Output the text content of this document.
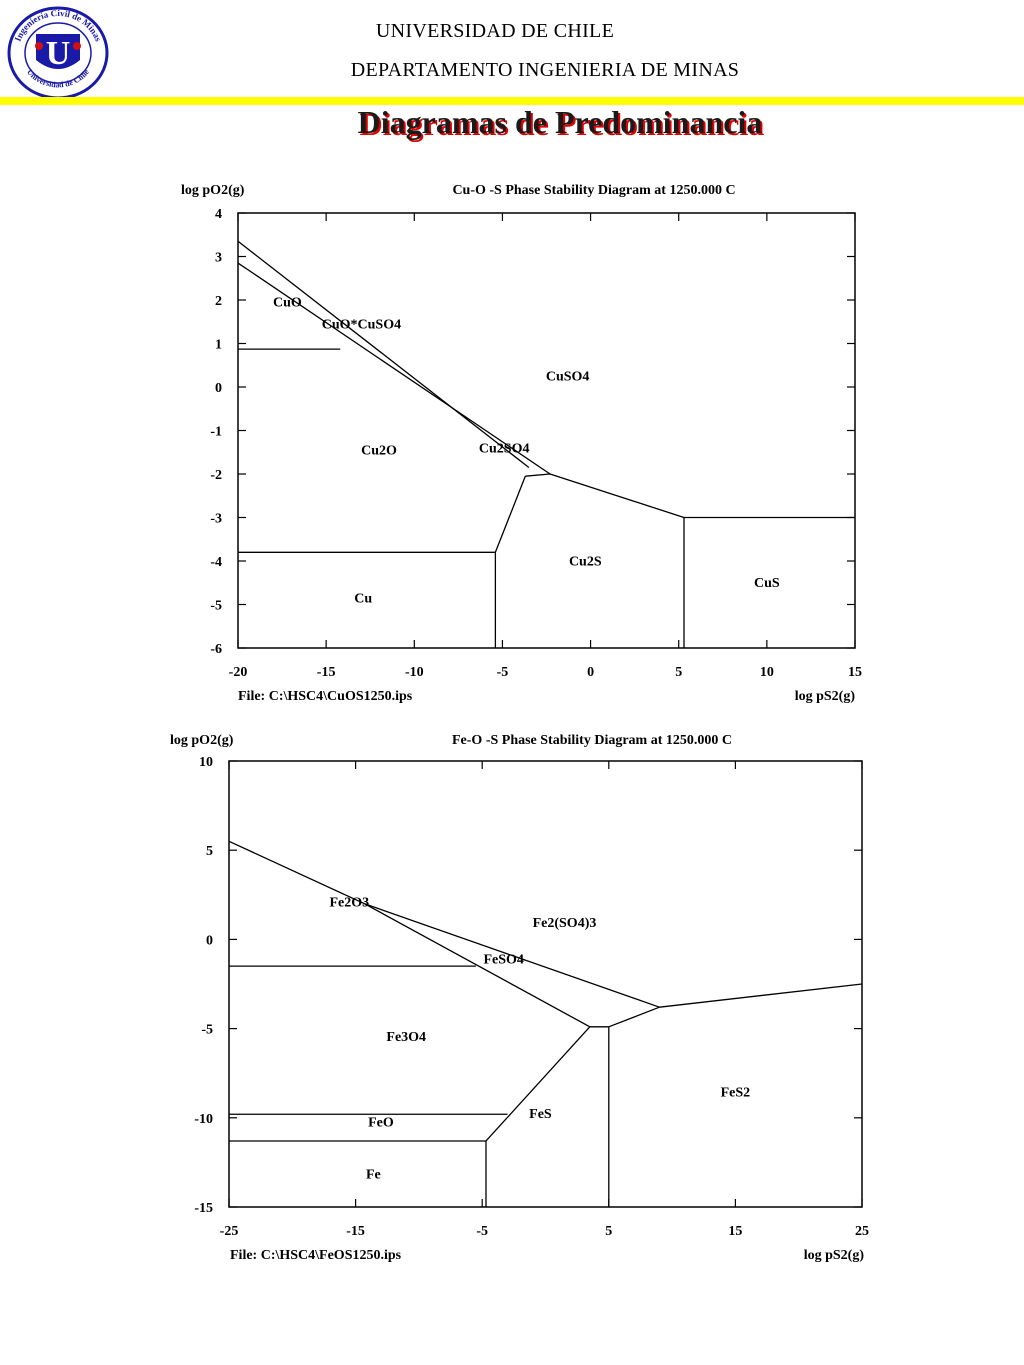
Ingeniería Civil de Minas
Universidad de Chile
U
UNIVERSIDAD DE CHILE
DEPARTAMENTO INGENIERIA DE MINAS
Diagramas de Predominancia
log pO2(g)	Cu-O -S Phase Stability Diagram at 1250.000 C
File: C:\HSC4\CuOS1250.ips	log pS2(g)
-20	-15	-10	-5	0	5	10	15
-6
-5
-4
-3
-2
-1
0
1
2
3
4
CuO
CuO*CuSO4
CuSO4
Cu2O	Cu2SO4
Cu2S
CuS
Cu
log pO2(g)	Fe-O -S Phase Stability Diagram at 1250.000 C
File: C:\HSC4\FeOS1250.ips	log pS2(g)
-25	-15	-5	5	15	25
-15
-10
-5
0
5
10
Fe2O3
Fe2(SO4)3
FeSO4
Fe3O4
FeS2
FeS
FeO
Fe
